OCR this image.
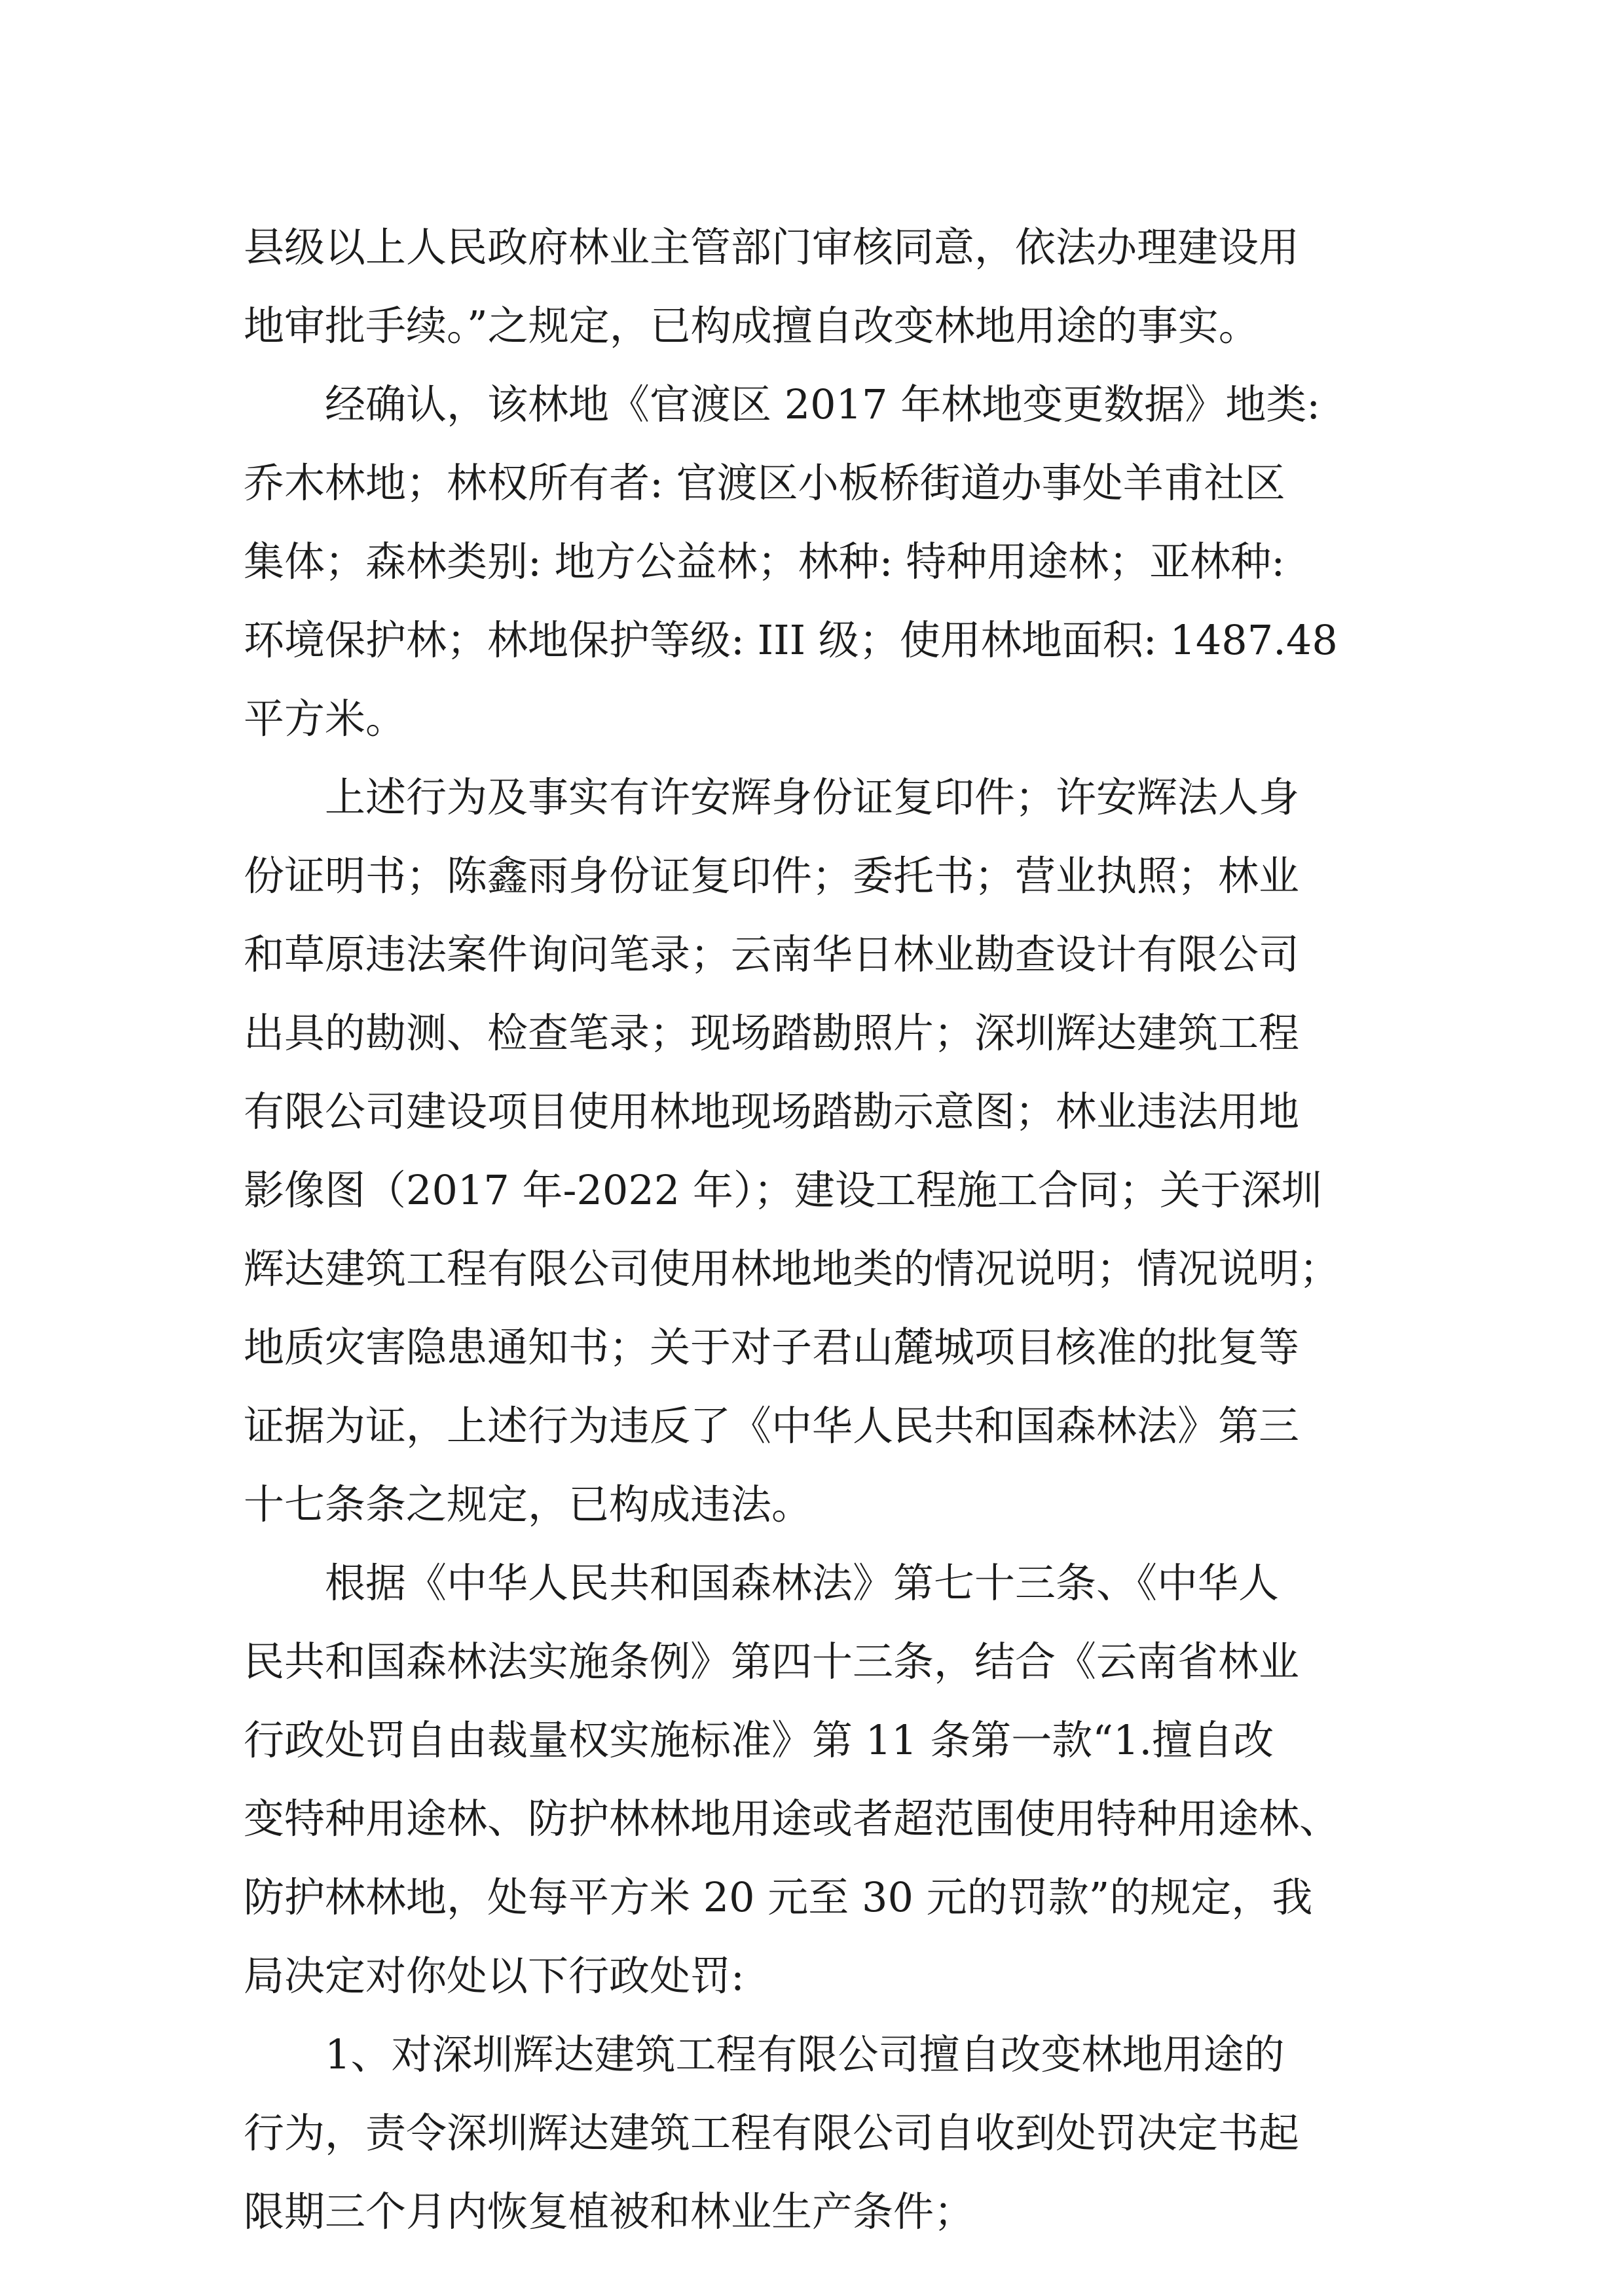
县级以上人民政府林业主管部门审核同意，依法办理建设用
地审批手续。”之规定，已构成擅自改变林地用途的事实。
经确认，该林地《官渡区 2017 年林地变更数据》地类:
乔木林地；林权所有者: 官渡区小板桥街道办事处羊甫社区
集体；森林类别: 地方公益林；林种: 特种用途林；亚林种:
环境保护林；林地保护等级: III 级；使用林地面积: 1487.48
平方米。
上述行为及事实有许安辉身份证复印件；许安辉法人身
份证明书；陈鑫雨身份证复印件；委托书；营业执照；林业
和草原违法案件询问笔录；云南华日林业勘查设计有限公司
出具的勘测、检查笔录；现场踏勘照片；深圳辉达建筑工程
有限公司建设项目使用林地现场踏勘示意图；林业违法用地
影像图（2017 年-2022 年）；建设工程施工合同；关于深圳
辉达建筑工程有限公司使用林地地类的情况说明；情况说明；
地质灾害隐患通知书；关于对子君山麓城项目核准的批复等
证据为证，上述行为违反了《中华人民共和国森林法》第三
十七条条之规定，已构成违法。
根据《中华人民共和国森林法》第七十三条、《中华人
民共和国森林法实施条例》第四十三条，结合《云南省林业
行政处罚自由裁量权实施标准》第 11 条第一款“1.擅自改
变特种用途林、防护林林地用途或者超范围使用特种用途林、
防护林林地，处每平方米 20 元至 30 元的罚款”的规定，我
局决定对你处以下行政处罚:
1、对深圳辉达建筑工程有限公司擅自改变林地用途的
行为，责令深圳辉达建筑工程有限公司自收到处罚决定书起
限期三个月内恢复植被和林业生产条件；
